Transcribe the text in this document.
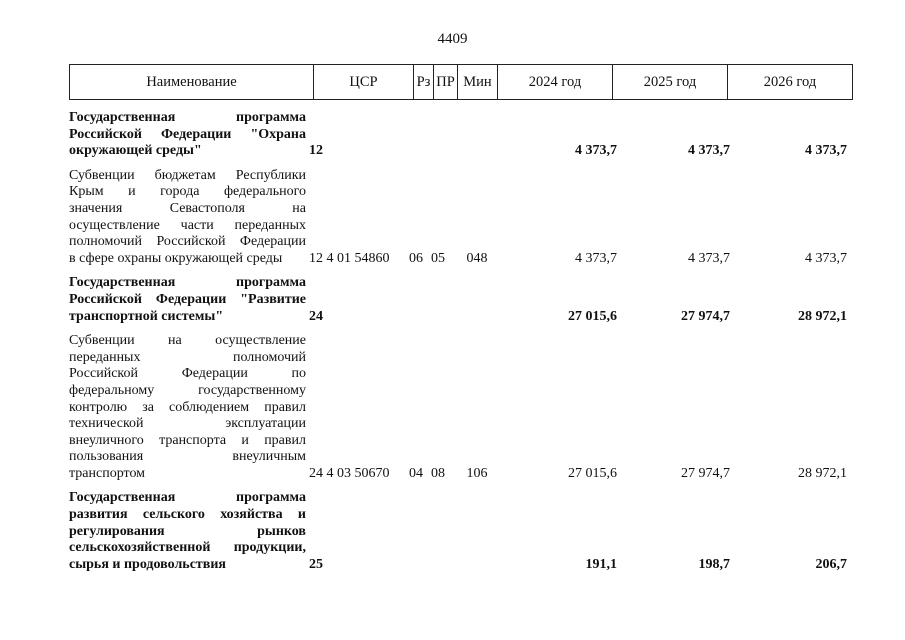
4409
Наименование	ЦСР	Рз ПР Мин	2024 год	2025 год	2026 год
Государственная программа
Российской Федерации "Охрана
окружающей среды"	12	4 373,7	4 373,7	4 373,7
Субвенции бюджетам Республики
Крым и города федерального
значения Севастополя на
осуществление части переданных
полномочий Российской Федерации
в сфере охраны окружающей среды	12 4 01 54860	06 05	048	4 373,7	4 373,7	4 373,7
Государственная программа
Российской Федерации "Развитие
транспортной системы"	24	27 015,6	27 974,7	28 972,1
Субвенции на осуществление
переданных полномочий
Российской Федерации по
федеральному государственному
контролю за соблюдением правил
технической эксплуатации
внеуличного транспорта и правил
пользования внеуличным
транспортом	24 4 03 50670	04 08	106	27 015,6	27 974,7	28 972,1
Государственная программа
развития сельского хозяйства и
регулирования рынков
сельскохозяйственной продукции,
сырья и продовольствия	25	191,1	198,7	206,7
